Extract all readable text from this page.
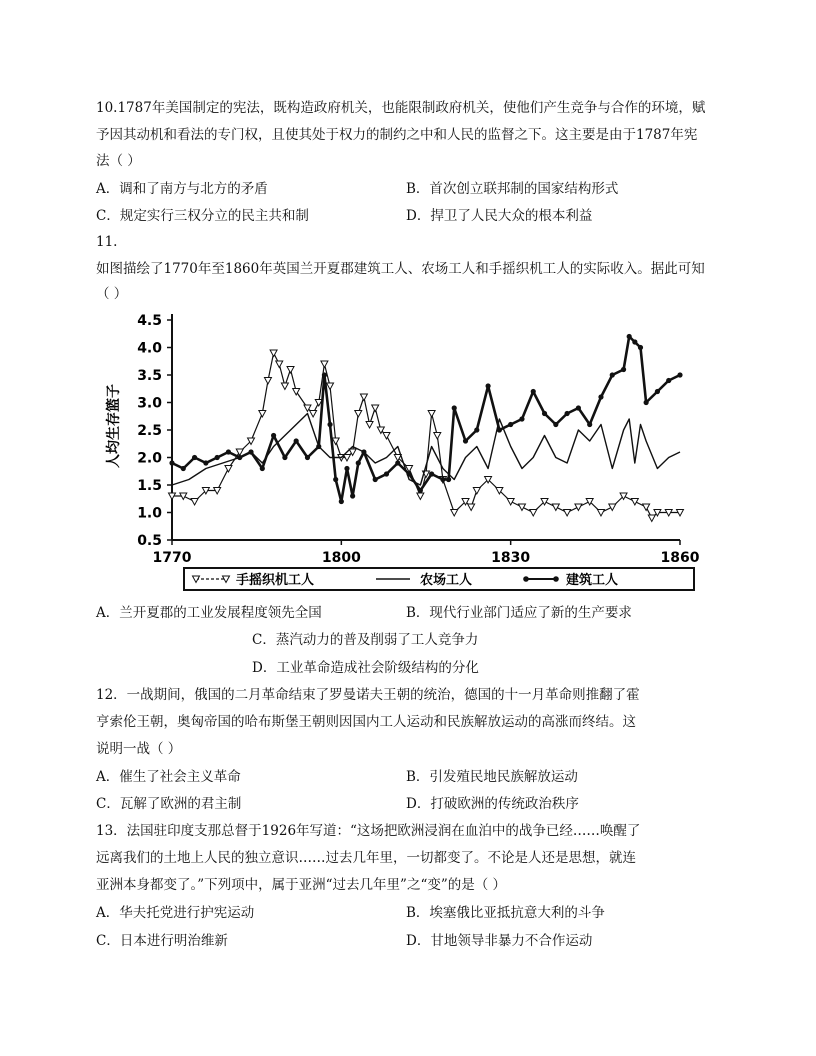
10.1787年美国制定的宪法，既构造政府机关，也能限制政府机关，使他们产生竞争与合作的环境，赋
予因其动机和看法的专门权，且使其处于权力的制约之中和人民的监督之下。这主要是由于1787年宪
法（ ）
A．调和了南方与北方的矛盾	B．首次创立联邦制的国家结构形式
C．规定实行三权分立的民主共和制	D．捍卫了人民大众的根本利益
11.
如图描绘了1770年至1860年英国兰开夏郡建筑工人、农场工人和手摇织机工人的实际收入。据此可知
（ ）
4.5
4.0
3.5
3.0
2.5
2.0
1.5
1.0
0.5
1770	1800	1830	1860
人均生存篮子
手摇织机工人	农场工人	建筑工人
A．兰开夏郡的工业发展程度领先全国	B．现代行业部门适应了新的生产要求
C．蒸汽动力的普及削弱了工人竞争力
D．工业革命造成社会阶级结构的分化
12．一战期间，俄国的二月革命结束了罗曼诺夫王朝的统治，德国的十一月革命则推翻了霍
亨索伦王朝，奥匈帝国的哈布斯堡王朝则因国内工人运动和民族解放运动的高涨而终结。这
说明一战（ ）
A．催生了社会主义革命	B．引发殖民地民族解放运动
C．瓦解了欧洲的君主制	D．打破欧洲的传统政治秩序
13．法国驻印度支那总督于1926年写道：“这场把欧洲浸润在血泊中的战争已经……唤醒了
远离我们的土地上人民的独立意识……过去几年里，一切都变了。不论是人还是思想，就连
亚洲本身都变了。”下列项中，属于亚洲“过去几年里”之“变”的是（ ）
A．华夫托党进行护宪运动	B．埃塞俄比亚抵抗意大利的斗争
C．日本进行明治维新	D．甘地领导非暴力不合作运动
